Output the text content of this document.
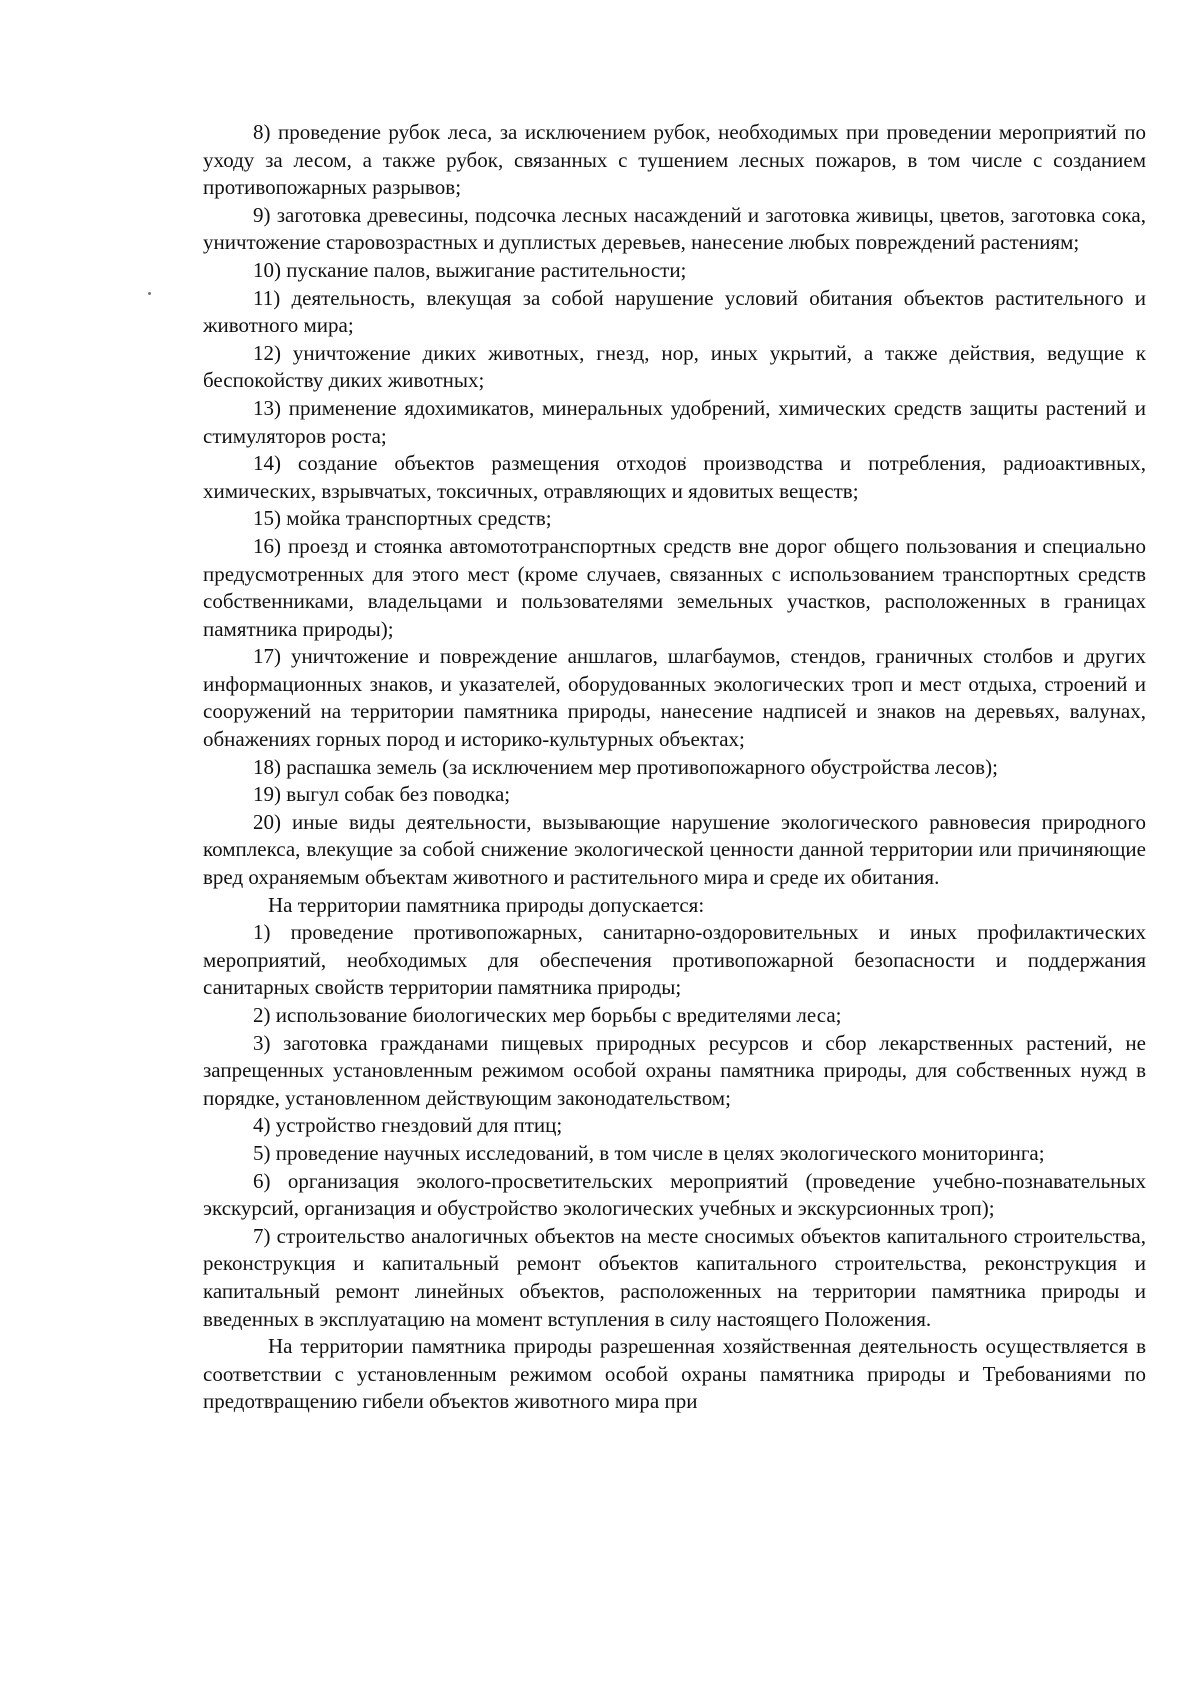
8) проведение рубок леса, за исключением рубок, необходимых при проведении мероприятий по уходу за лесом, а также рубок, связанных с тушением лесных пожаров, в том числе с созданием противопожарных разрывов;

9) заготовка древесины, подсочка лесных насаждений и заготовка живицы, цветов, заготовка сока, уничтожение старовозрастных и дуплистых деревьев, нанесение любых повреждений растениям;

10) пускание палов, выжигание растительности;

11) деятельность, влекущая за собой нарушение условий обитания объектов растительного и животного мира;

12) уничтожение диких животных, гнезд, нор, иных укрытий, а также действия, ведущие к беспокойству диких животных;

13) применение ядохимикатов, минеральных удобрений, химических средств защиты растений и стимуляторов роста;

14) создание объектов размещения отходов производства и потребления, радиоактивных, химических, взрывчатых, токсичных, отравляющих и ядовитых веществ;

15) мойка транспортных средств;

16) проезд и стоянка автомототранспортных средств вне дорог общего пользования и специально предусмотренных для этого мест (кроме случаев, связанных с использованием транспортных средств собственниками, владельцами и пользователями земельных участков, расположенных в границах памятника природы);

17) уничтожение и повреждение аншлагов, шлагбаумов, стендов, граничных столбов и других информационных знаков, и указателей, оборудованных экологических троп и мест отдыха, строений и сооружений на территории памятника природы, нанесение надписей и знаков на деревьях, валунах, обнажениях горных пород и историко-культурных объектах;

18) распашка земель (за исключением мер противопожарного обустройства лесов);

19) выгул собак без поводка;

20) иные виды деятельности, вызывающие нарушение экологического равновесия природного комплекса, влекущие за собой снижение экологической ценности данной территории или причиняющие вред охраняемым объектам животного и растительного мира и среде их обитания.

На территории памятника природы допускается:

1) проведение противопожарных, санитарно-оздоровительных и иных профилактических мероприятий, необходимых для обеспечения противопожарной безопасности и поддержания санитарных свойств территории памятника природы;

2) использование биологических мер борьбы с вредителями леса;

3) заготовка гражданами пищевых природных ресурсов и сбор лекарственных растений, не запрещенных установленным режимом особой охраны памятника природы, для собственных нужд в порядке, установленном действующим законодательством;

4) устройство гнездовий для птиц;

5) проведение научных исследований, в том числе в целях экологического мониторинга;

6) организация эколого-просветительских мероприятий (проведение учебно-познавательных экскурсий, организация и обустройство экологических учебных и экскурсионных троп);

7) строительство аналогичных объектов на месте сносимых объектов капитального строительства, реконструкция и капитальный ремонт объектов капитального строительства, реконструкция и капитальный ремонт линейных объектов, расположенных на территории памятника природы и введенных в эксплуатацию на момент вступления в силу настоящего Положения.

На территории памятника природы разрешенная хозяйственная деятельность осуществляется в соответствии с установленным режимом особой охраны памятника природы и Требованиями по предотвращению гибели объектов животного мира при
